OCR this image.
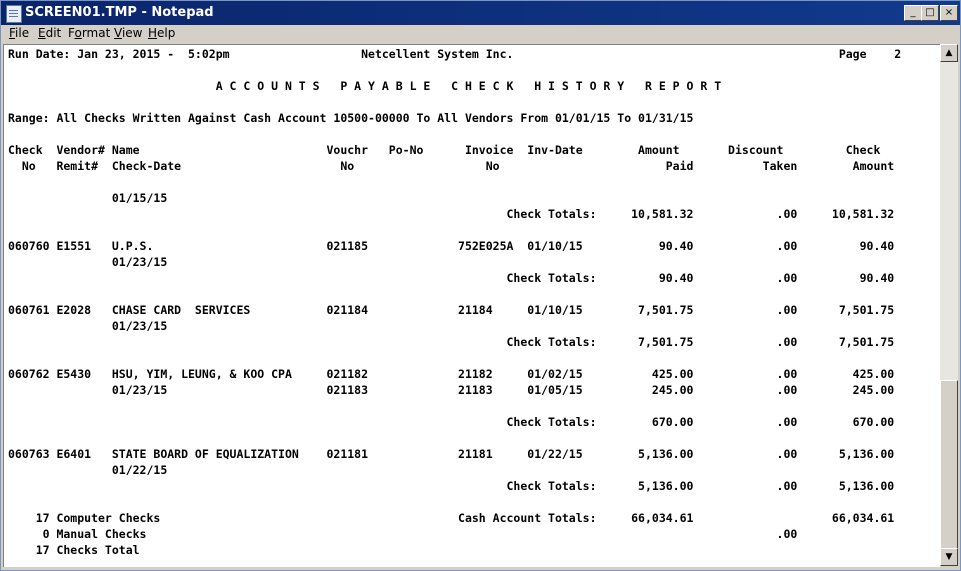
SCREEN01.TMP - Notepad	_ □	×
File Edit Format View Help
Run Date: Jan 23, 2015 -  5:02pm                   Netcellent System Inc.                                               Page    2
A C C O U N T S   P A Y A B L E   C H E C K   H I S T O R Y   R E P O R T
Range: All Checks Written Against Cash Account 10500-00000 To All Vendors From 01/01/15 To 01/31/15
Check  Vendor# Name                           Vouchr   Po-No      Invoice  Inv-Date        Amount       Discount         Check
No   Remit#  Check-Date                       No                   No                        Paid          Taken        Amount
01/15/15
Check Totals:     10,581.32            .00     10,581.32
060760 E1551   U.P.S.                         021185             752E025A  01/10/15           90.40            .00         90.40
01/23/15
Check Totals:         90.40            .00         90.40
060761 E2028   CHASE CARD  SERVICES           021184             21184     01/10/15        7,501.75            .00      7,501.75
01/23/15
Check Totals:      7,501.75            .00      7,501.75
060762 E5430   HSU, YIM, LEUNG, & KOO CPA     021182             21182     01/02/15          425.00            .00        425.00
01/23/15                       021183             21183     01/05/15          245.00            .00        245.00
Check Totals:        670.00            .00        670.00
060763 E6401   STATE BOARD OF EQUALIZATION    021181             21181     01/22/15        5,136.00            .00      5,136.00
01/22/15
Check Totals:      5,136.00            .00      5,136.00
17 Computer Checks                                           Cash Account Totals:     66,034.61                    66,034.61
0 Manual Checks                                                                                           .00
17 Checks Total
▲
▼
